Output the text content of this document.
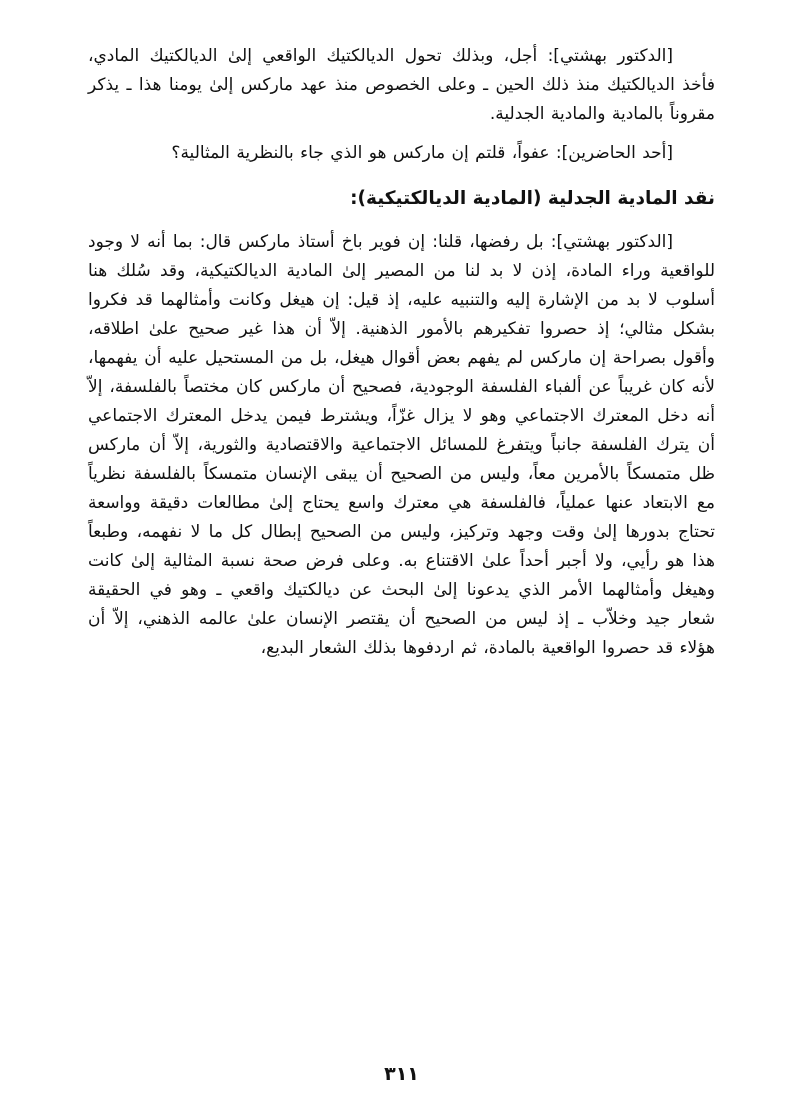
[الدكتور بهشتي]: أجل، وبذلك تحول الديالكتيك الواقعي إلىٰ الديالكتيك المادي، فأخذ الديالكتيك منذ ذلك الحين ـ وعلى الخصوص منذ عهد ماركس إلىٰ يومنا هذا ـ يذكر مقروناً بالمادية والمادية الجدلية.

[أحد الحاضرين]: عفواً، قلتم إن ماركس هو الذي جاء بالنظرية المثالية؟

نقد المادية الجدلية (المادية الديالكتيكية):

[الدكتور بهشتي]: بل رفضها، قلنا: إن فوير باخ أستاذ ماركس قال: بما أنه لا وجود للواقعية وراء المادة، إذن لا بد لنا من المصير إلىٰ المادية الديالكتيكية، وقد سُلك هنا أسلوب لا بد من الإشارة إليه والتنبيه عليه، إذ قيل: إن هيغل وكانت وأمثالهما قد فكروا بشكل مثالي؛ إذ حصروا تفكيرهم بالأمور الذهنية. إلاّ أن هذا غير صحيح علىٰ اطلاقه، وأقول بصراحة إن ماركس لم يفهم بعض أقوال هيغل، بل من المستحيل عليه أن يفهمها، لأنه كان غريباً عن ألفباء الفلسفة الوجودية، فصحيح أن ماركس كان مختصاً بالفلسفة، إلاّ أنه دخل المعترك الاجتماعي وهو لا يزال غزّاً، ويشترط فيمن يدخل المعترك الاجتماعي أن يترك الفلسفة جانباً ويتفرغ للمسائل الاجتماعية والاقتصادية والثورية، إلاّ أن ماركس ظل متمسكاً بالأمرين معاً، وليس من الصحيح أن يبقى الإنسان متمسكاً بالفلسفة نظرياً مع الابتعاد عنها عملياً، فالفلسفة هي معترك واسع يحتاج إلىٰ مطالعات دقيقة وواسعة تحتاج بدورها إلىٰ وقت وجهد وتركيز، وليس من الصحيح إبطال كل ما لا نفهمه، وطبعاً هذا هو رأيي، ولا أجبر أحداً علىٰ الاقتناع به. وعلى فرض صحة نسبة المثالية إلىٰ كانت وهيغل وأمثالهما الأمر الذي يدعونا إلىٰ البحث عن ديالكتيك واقعي ـ وهو في الحقيقة شعار جيد وخلاّب ـ إذ ليس من الصحيح أن يقتصر الإنسان علىٰ عالمه الذهني، إلاّ أن هؤلاء قد حصروا الواقعية بالمادة، ثم اردفوها بذلك الشعار البديع،

٣١١
